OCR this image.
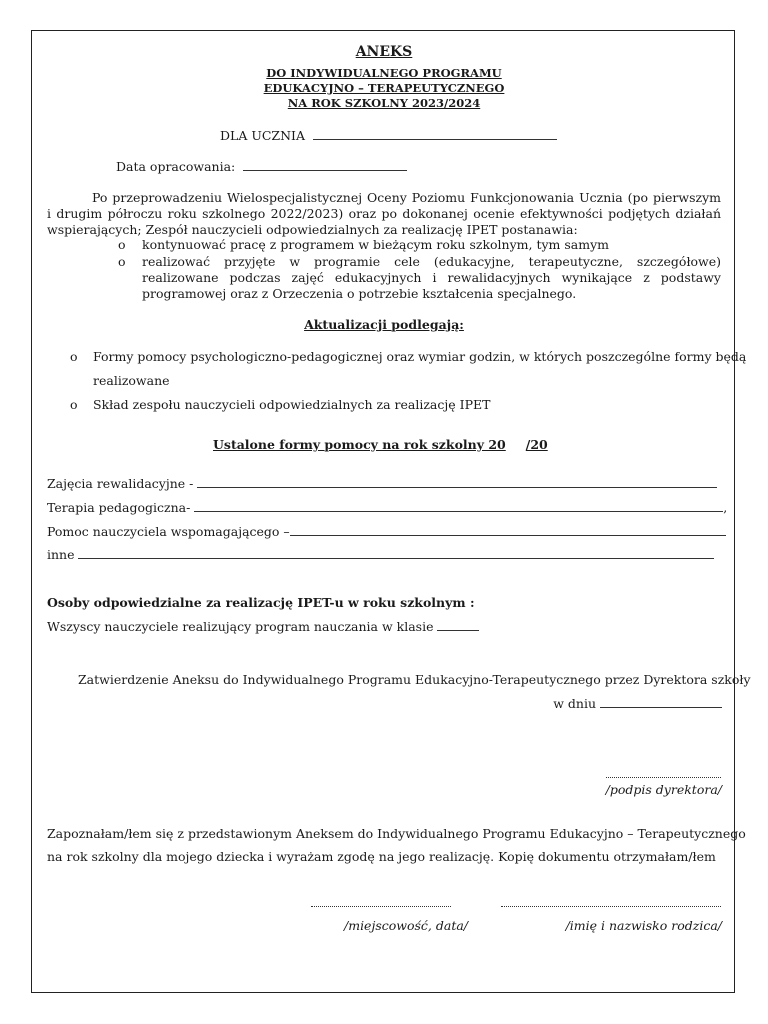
ANEKS
DO INDYWIDUALNEGO PROGRAMU
EDUKACYJNO – TERAPEUTYCZNEGO
NA ROK SZKOLNY 2023/2024
DLA UCZNIA
Data opracowania:
Po przeprowadzeniu Wielospecjalistycznej Oceny Poziomu Funkcjonowania Ucznia (po pierwszym i drugim półroczu roku szkolnego 2022/2023) oraz po dokonanej ocenie efektywności podjętych działań wspierających; Zespół nauczycieli odpowiedzialnych za realizację IPET postanawia:
o kontynuować pracę z programem w bieżącym roku szkolnym, tym samym
o realizować przyjęte w programie cele (edukacyjne, terapeutyczne, szczegółowe) realizowane podczas zajęć edukacyjnych i rewalidacyjnych wynikające z podstawy programowej oraz z Orzeczenia o potrzebie kształcenia specjalnego.
Aktualizacji podlegają:
o Formy pomocy psychologiczno-pedagogicznej oraz wymiar godzin, w których poszczególne formy będą
realizowane
o Skład zespołu nauczycieli odpowiedzialnych za realizację IPET
Ustalone formy pomocy na rok szkolny 20 /20
Zajęcia rewalidacyjne -
Terapia pedagogiczna-	,
Pomoc nauczyciela wspomagającego –
inne
Osoby odpowiedzialne za realizację IPET-u w roku szkolnym :
Wszyscy nauczyciele realizujący program nauczania w klasie
Zatwierdzenie Aneksu do Indywidualnego Programu Edukacyjno-Terapeutycznego przez Dyrektora szkoły
w dniu
/podpis dyrektora/
Zapoznałam/łem się z przedstawionym Aneksem do Indywidualnego Programu Edukacyjno – Terapeutycznego
na rok szkolny dla mojego dziecka i wyrażam zgodę na jego realizację. Kopię dokumentu otrzymałam/łem
/miejscowość, data/	/imię i nazwisko rodzica/
